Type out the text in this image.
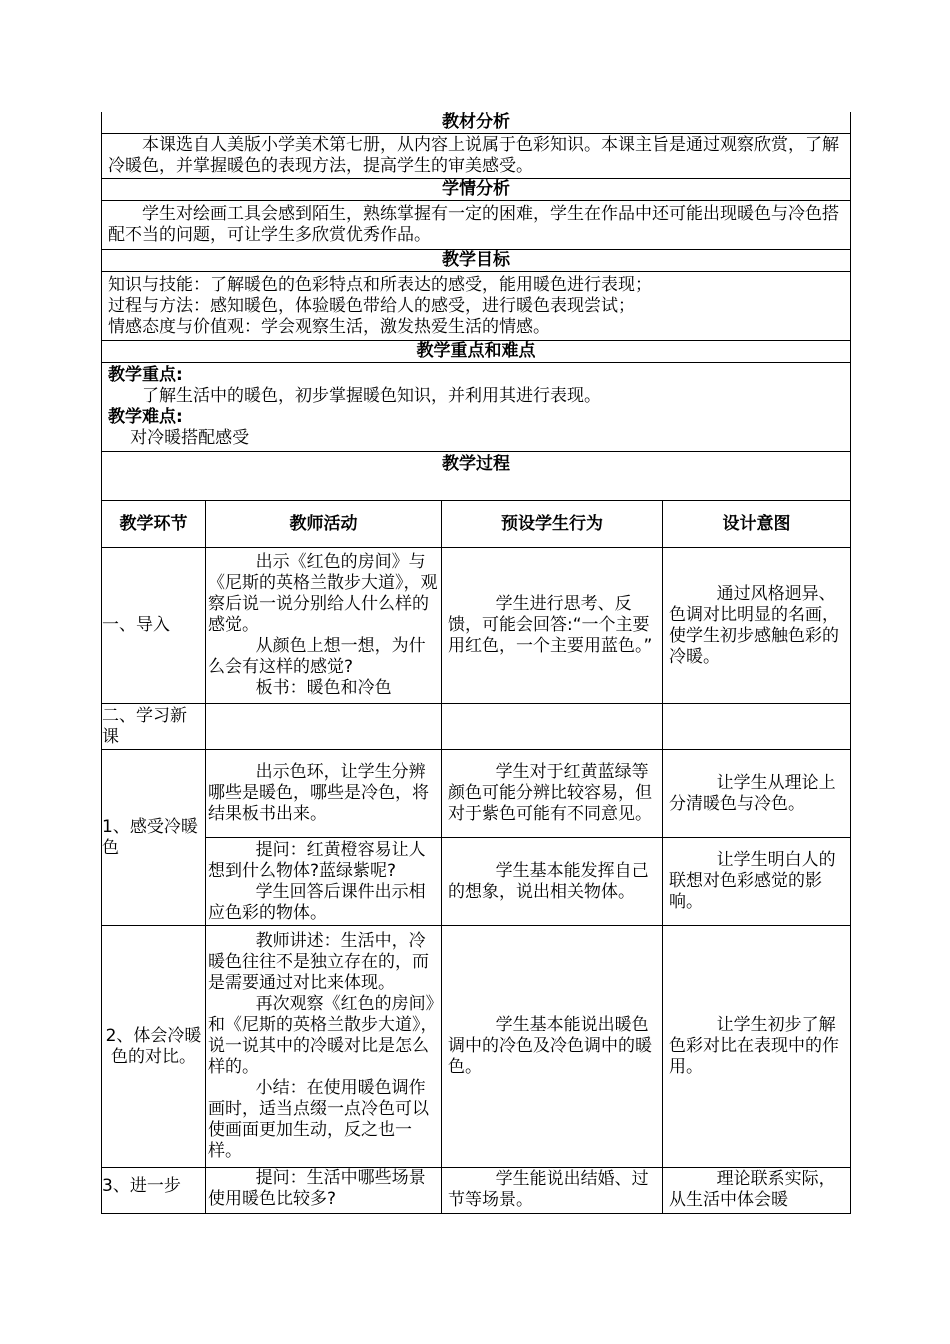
教材分析			
本课选自人美版小学美术第七册，从内容上说属于色彩知识。本课主旨是通过观察欣赏，了解冷暖色，并掌握暖色的表现方法，提高学生的审美感受。			
学情分析			
学生对绘画工具会感到陌生，熟练掌握有一定的困难，学生在作品中还可能出现暖色与冷色搭配不当的问题，可让学生多欣赏优秀作品。			
教学目标			

知识与技能：了解暖色的色彩特点和所表达的感受，能用暖色进行表现；

过程与方法：感知暖色，体验暖色带给人的感受，进行暖色表现尝试；

情感态度与价值观：学会观察生活，激发热爱生活的情感。			

教学重点和难点			

教学重点:

了解生活中的暖色，初步掌握暖色知识，并利用其进行表现。

教学难点:

对冷暖搭配感受			

教学过程			
教学环节	教师活动	预设学生行为	设计意图
一、导入	出示《红色的房间》与《尼斯的英格兰散步大道》，观察后说一说分别给人什么样的感觉。

从颜色上想一想，为什么会有这样的感觉?

板书：暖色和冷色	学生进行思考、反馈，可能会回答:“一个主要用红色，一个主要用蓝色。”	通过风格迥异、色调对比明显的名画，使学生初步感触色彩的冷暖。
二、学习新课			
1、感受冷暖色	出示色环，让学生分辨哪些是暖色，哪些是冷色，将结果板书出来。	学生对于红黄蓝绿等颜色可能分辨比较容易，但对于紫色可能有不同意见。	让学生从理论上分清暖色与冷色。

	提问：红黄橙容易让人想到什么物体?蓝绿紫呢?

学生回答后课件出示相应色彩的物体。	学生基本能发挥自己的想象，说出相关物体。	让学生明白人的联想对色彩感觉的影响。
2、体会冷暖色的对比。	教师讲述：生活中，冷暖色往往不是独立存在的，而是需要通过对比来体现。

再次观察《红色的房间》和《尼斯的英格兰散步大道》，说一说其中的冷暖对比是怎么样的。

小结：在使用暖色调作画时，适当点缀一点冷色可以使画面更加生动，反之也一样。	学生基本能说出暖色调中的冷色及冷色调中的暖色。	让学生初步了解色彩对比在表现中的作用。
3、进一步	提问：生活中哪些场景使用暖色比较多?	学生能说出结婚、过节等场景。	理论联系实际，从生活中体会暖
